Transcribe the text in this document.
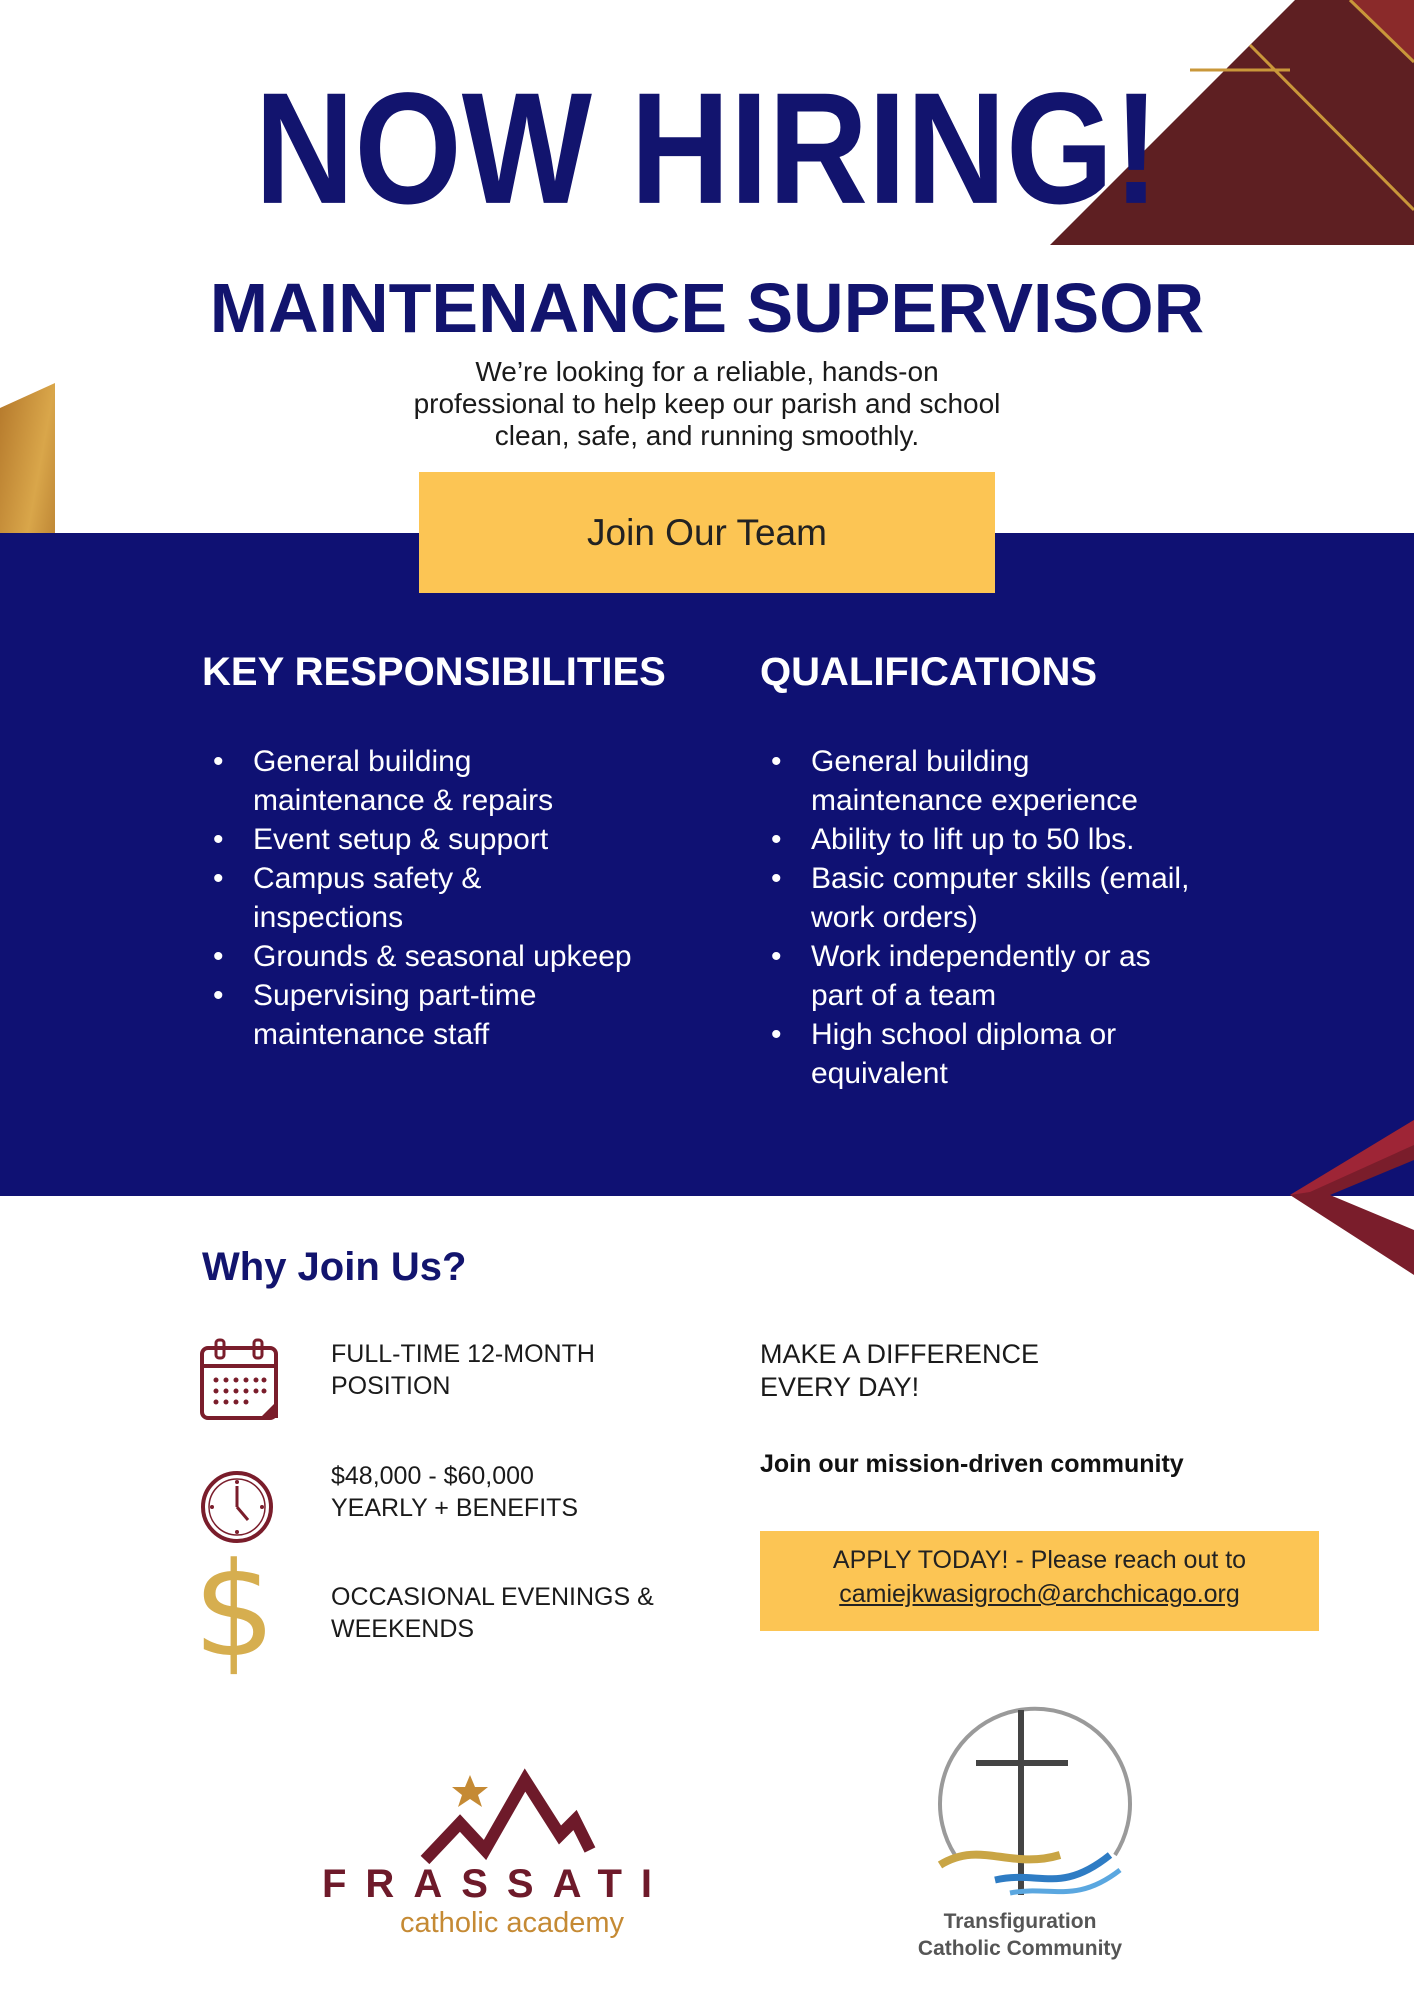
NOW HIRING!
MAINTENANCE SUPERVISOR
We’re looking for a reliable, hands-on
professional to help keep our parish and school
clean, safe, and running smoothly.
Join Our Team
KEY RESPONSIBILITIES
• General building
maintenance & repairs
• Event setup & support
• Campus safety &
inspections
• Grounds & seasonal upkeep
• Supervising part-time
maintenance staff
QUALIFICATIONS
• General building
maintenance experience
• Ability to lift up to 50 lbs.
• Basic computer skills (email,
work orders)
• Work independently or as
part of a team
• High school diploma or
equivalent
Why Join Us?
FULL-TIME 12-MONTH
POSITION
$48,000 - $60,000
YEARLY + BENEFITS
$ OCCASIONAL EVENINGS &
WEEKENDS
MAKE A DIFFERENCE
EVERY DAY!
Join our mission-driven community
APPLY TODAY! - Please reach out to
camiejkwasigroch@archchicago.org
FRASSATI
catholic academy	Transfiguration
Catholic Community
